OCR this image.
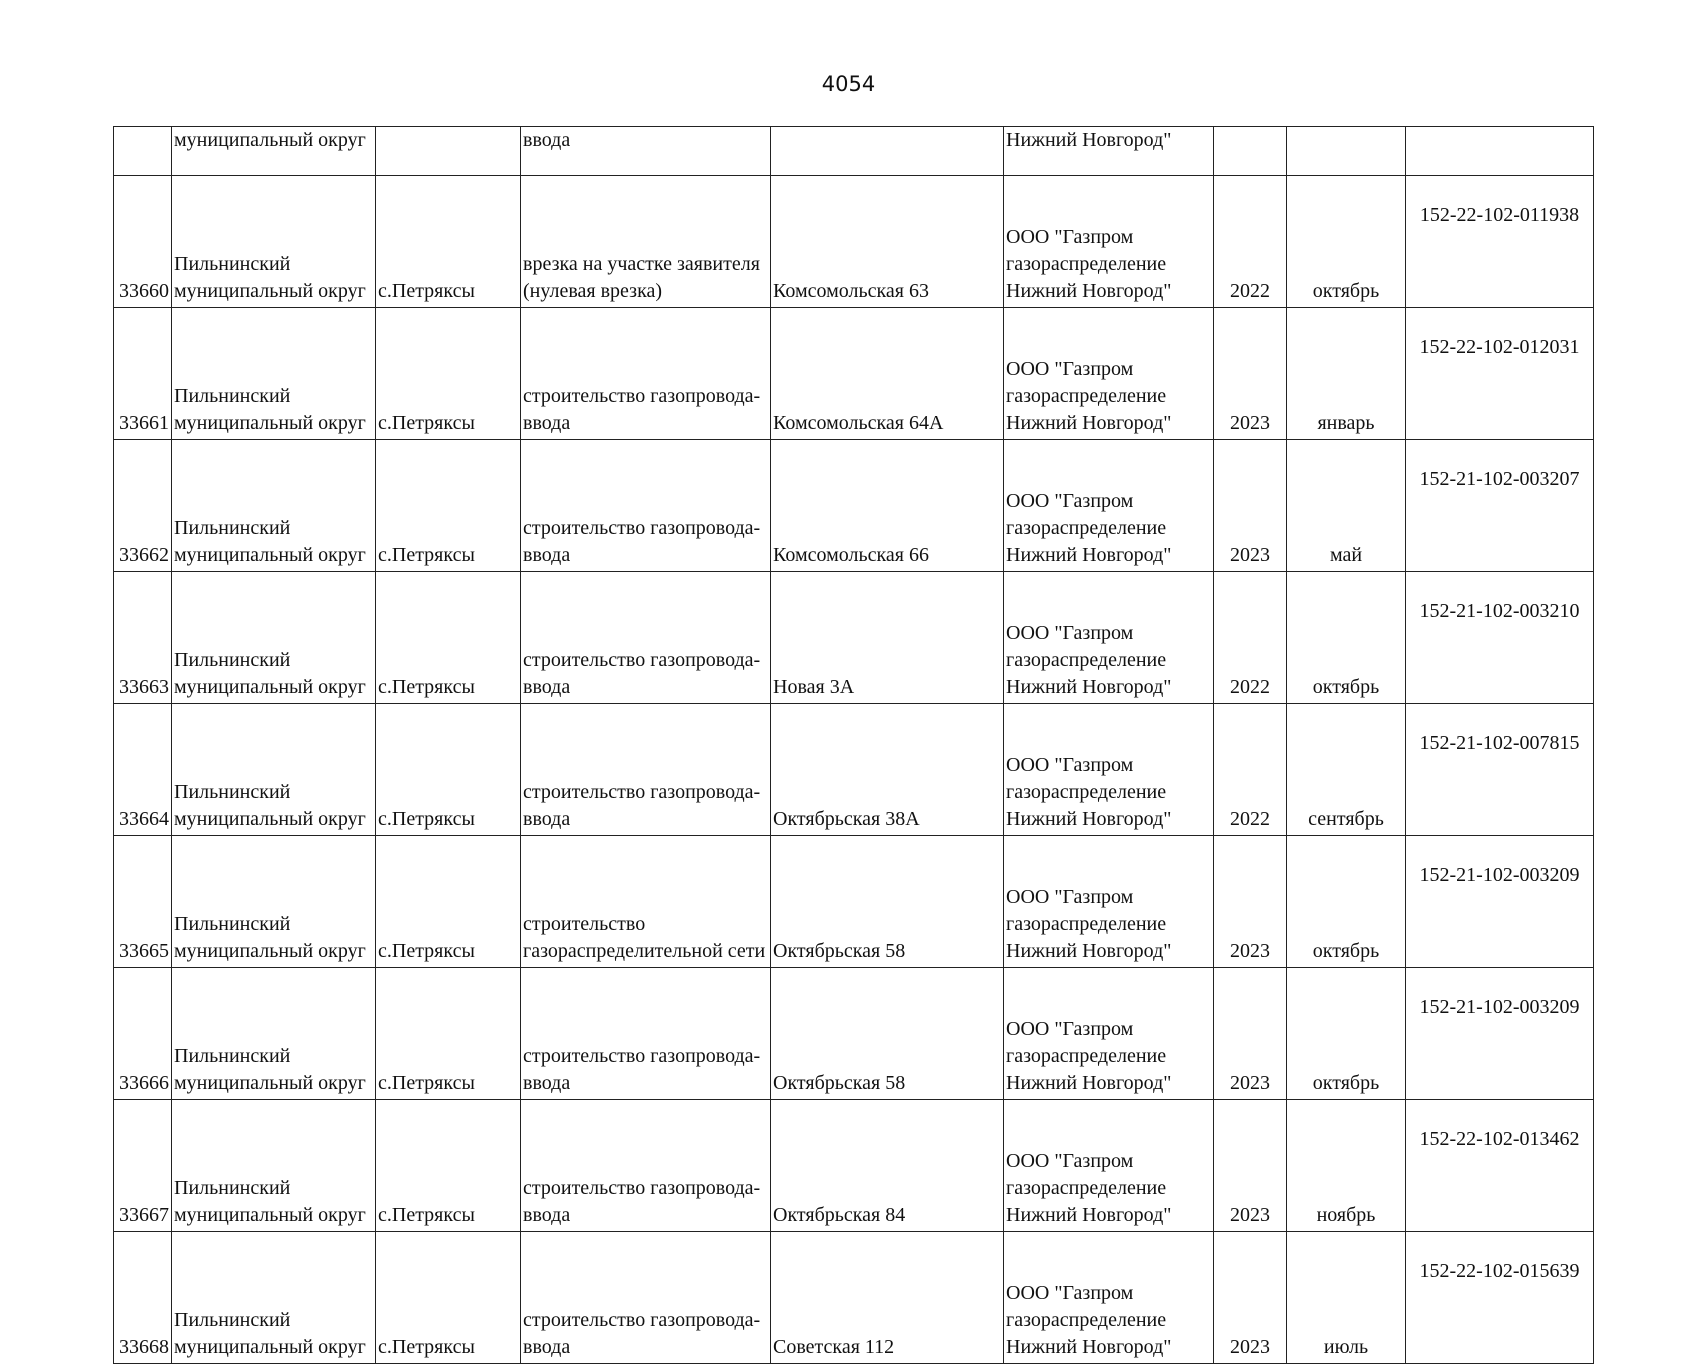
4054
	муниципальный округ		ввода		Нижний Новгород"			
33660	Пильнинский
муниципальный округ	с.Петряксы	врезка на участке заявителя
(нулевая врезка)	Комсомольская 63	ООО "Газпром
газораспределение
Нижний Новгород"	2022	октябрь	152-22-102-011938
33661	Пильнинский
муниципальный округ	с.Петряксы	строительство газопровода-
ввода	Комсомольская 64А	ООО "Газпром
газораспределение
Нижний Новгород"	2023	январь	152-22-102-012031
33662	Пильнинский
муниципальный округ	с.Петряксы	строительство газопровода-
ввода	Комсомольская 66	ООО "Газпром
газораспределение
Нижний Новгород"	2023	май	152-21-102-003207
33663	Пильнинский
муниципальный округ	с.Петряксы	строительство газопровода-
ввода	Новая 3А	ООО "Газпром
газораспределение
Нижний Новгород"	2022	октябрь	152-21-102-003210
33664	Пильнинский
муниципальный округ	с.Петряксы	строительство газопровода-
ввода	Октябрьская 38А	ООО "Газпром
газораспределение
Нижний Новгород"	2022	сентябрь	152-21-102-007815
33665	Пильнинский
муниципальный округ	с.Петряксы	строительство
газораспределительной сети	Октябрьская 58	ООО "Газпром
газораспределение
Нижний Новгород"	2023	октябрь	152-21-102-003209
33666	Пильнинский
муниципальный округ	с.Петряксы	строительство газопровода-
ввода	Октябрьская 58	ООО "Газпром
газораспределение
Нижний Новгород"	2023	октябрь	152-21-102-003209
33667	Пильнинский
муниципальный округ	с.Петряксы	строительство газопровода-
ввода	Октябрьская 84	ООО "Газпром
газораспределение
Нижний Новгород"	2023	ноябрь	152-22-102-013462
33668	Пильнинский
муниципальный округ	с.Петряксы	строительство газопровода-
ввода	Советская 112	ООО "Газпром
газораспределение
Нижний Новгород"	2023	июль	152-22-102-015639
